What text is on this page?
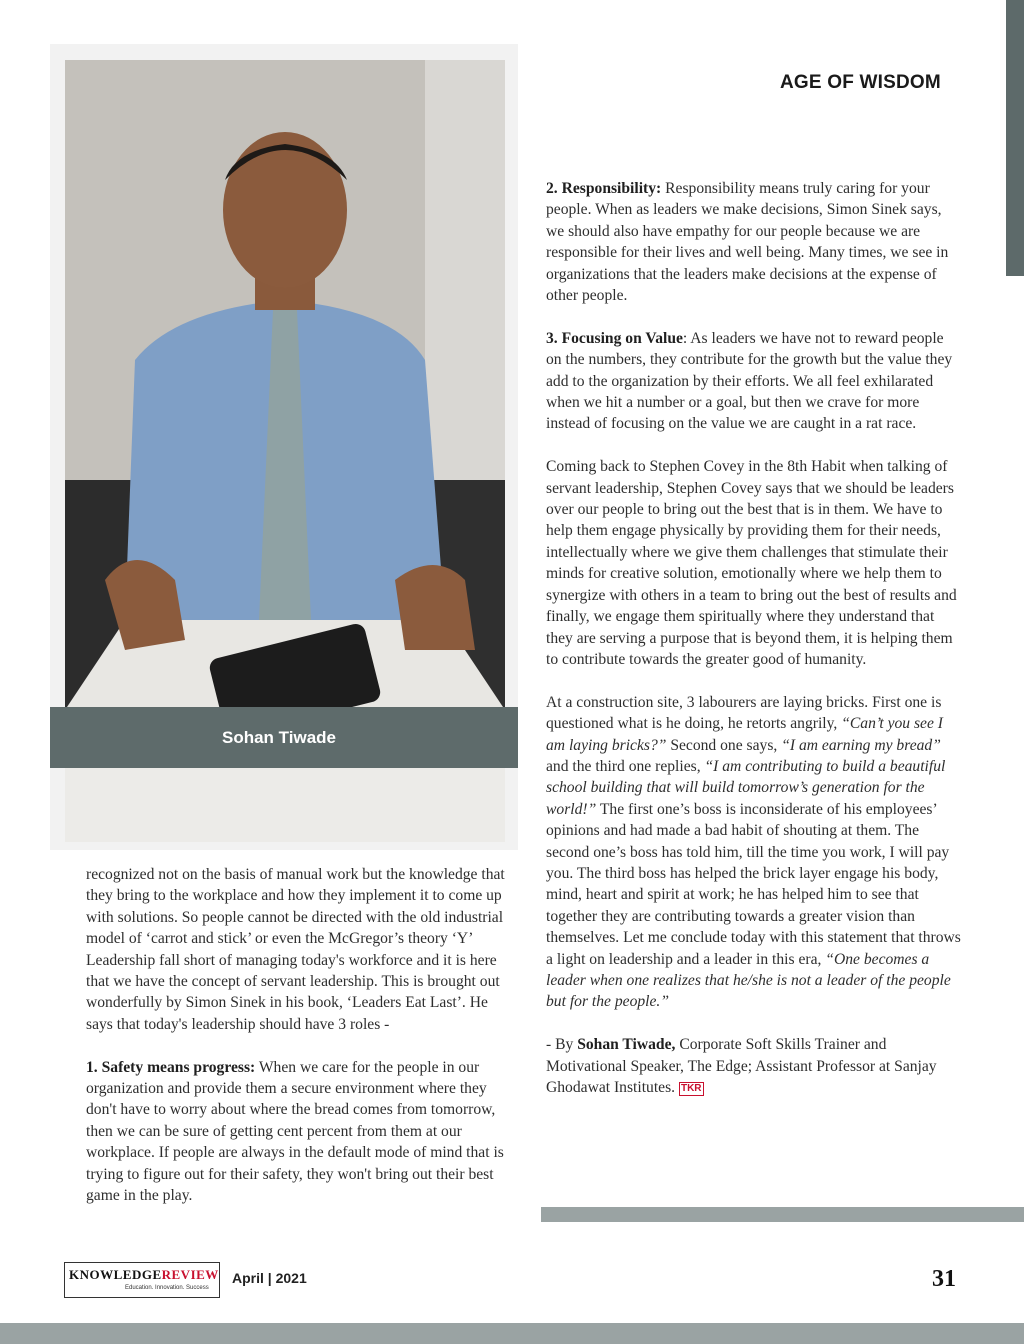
AGE OF WISDOM
Sohan Tiwade

recognized not on the basis of manual work but the knowledge that they bring to the workplace and how they implement it to come up with solutions. So people cannot be directed with the old industrial model of ‘carrot and stick’ or even the McGregor’s theory ‘Y’ Leadership fall short of managing today's workforce and it is here that we have the concept of servant leadership. This is brought out wonderfully by Simon Sinek in his book, ‘Leaders Eat Last’. He says that today's leadership should have 3 roles -

1. Safety means progress: When we care for the people in our organization and provide them a secure environment where they don't have to worry about where the bread comes from tomorrow, then we can be sure of getting cent percent from them at our workplace. If people are always in the default mode of mind that is trying to figure out for their safety, they won't bring out their best game in the play.

2. Responsibility: Responsibility means truly caring for your people. When as leaders we make decisions, Simon Sinek says, we should also have empathy for our people because we are responsible for their lives and well being. Many times, we see in organizations that the leaders make decisions at the expense of other people.

3. Focusing on Value: As leaders we have not to reward people on the numbers, they contribute for the growth but the value they add to the organization by their efforts. We all feel exhilarated when we hit a number or a goal, but then we crave for more instead of focusing on the value we are caught in a rat race.

Coming back to Stephen Covey in the 8th Habit when talking of servant leadership, Stephen Covey says that we should be leaders over our people to bring out the best that is in them. We have to help them engage physically by providing them for their needs, intellectually where we give them challenges that stimulate their minds for creative solution, emotionally where we help them to synergize with others in a team to bring out the best of results and finally, we engage them spiritually where they understand that they are serving a purpose that is beyond them, it is helping them to contribute towards the greater good of humanity.

At a construction site, 3 labourers are laying bricks. First one is questioned what is he doing, he retorts angrily, “Can’t you see I am laying bricks?” Second one says, “I am earning my bread” and the third one replies, “I am contributing to build a beautiful school building that will build tomorrow’s generation for the world!” The first one’s boss is inconsiderate of his employees’ opinions and had made a bad habit of shouting at them. The second one’s boss has told him, till the time you work, I will pay you. The third boss has helped the brick layer engage his body, mind, heart and spirit at work; he has helped him to see that together they are contributing towards a greater vision than themselves. Let me conclude today with this statement that throws a light on leadership and a leader in this era, “One becomes a leader when one realizes that he/she is not a leader of the people but for the people.”

- By Sohan Tiwade, Corporate Soft Skills Trainer and Motivational Speaker, The Edge; Assistant Professor at Sanjay Ghodawat Institutes. TKR

KNOWLEDGEREVIEW
Education. Innovation. Success
April | 2021	31
